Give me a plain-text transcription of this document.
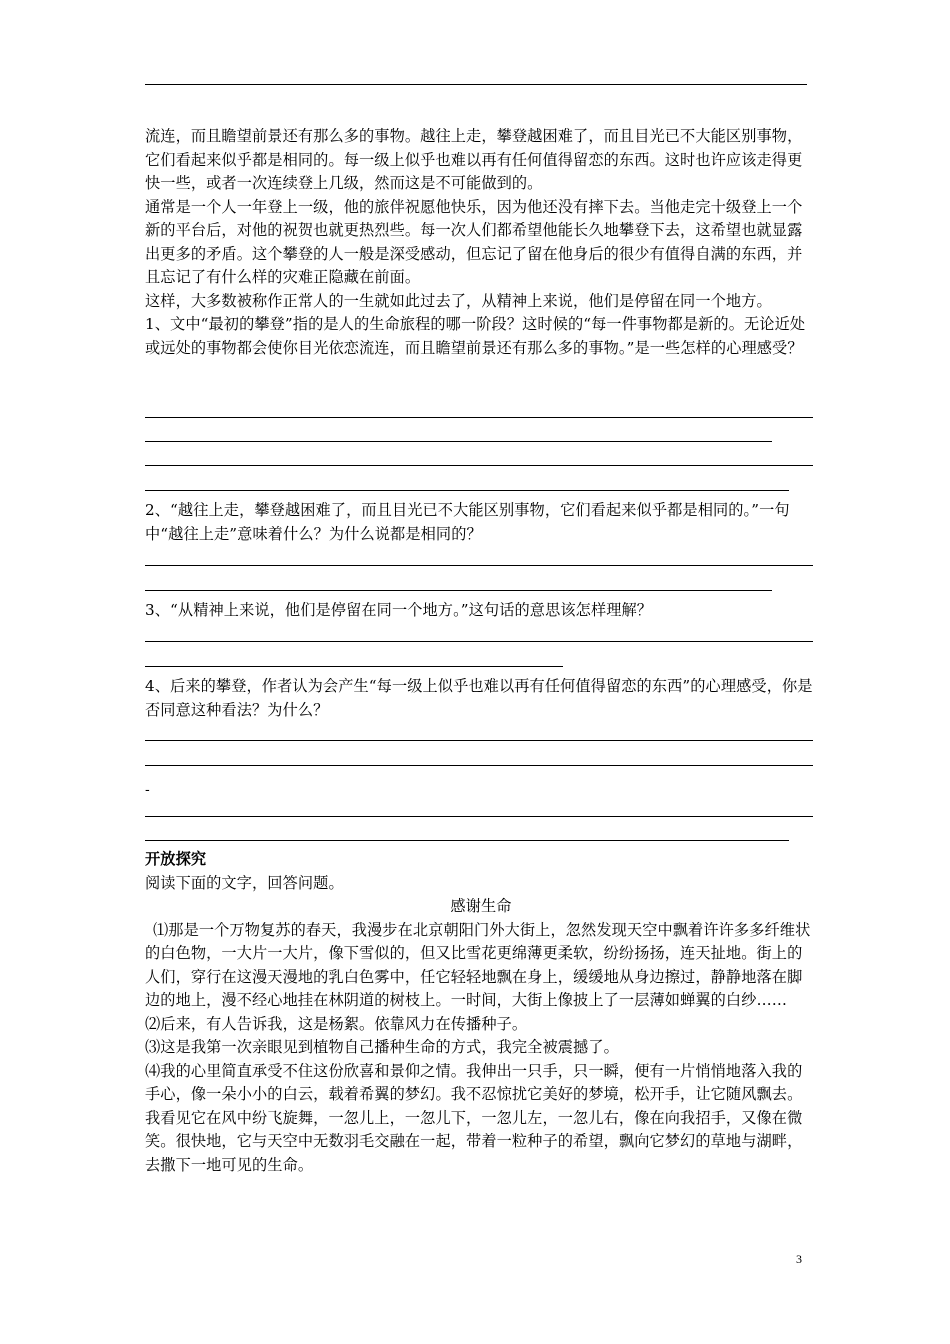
流连，而且瞻望前景还有那么多的事物。越往上走，攀登越困难了，而且目光已不大能区别事物，它们看起来似乎都是相同的。每一级上似乎也难以再有任何值得留恋的东西。这时也许应该走得更快一些，或者一次连续登上几级，然而这是不可能做到的。

通常是一个人一年登上一级，他的旅伴祝愿他快乐，因为他还没有摔下去。当他走完十级登上一个新的平台后，对他的祝贺也就更热烈些。每一次人们都希望他能长久地攀登下去，这希望也就显露出更多的矛盾。这个攀登的人一般是深受感动，但忘记了留在他身后的很少有值得自满的东西，并且忘记了有什么样的灾难正隐藏在前面。

这样，大多数被称作正常人的一生就如此过去了，从精神上来说，他们是停留在同一个地方。

1、文中“最初的攀登”指的是人的生命旅程的哪一阶段？这时候的“每一件事物都是新的。无论近处或远处的事物都会使你目光依恋流连，而且瞻望前景还有那么多的事物。”是一些怎样的心理感受？

2、“越往上走，攀登越困难了，而且目光已不大能区别事物，它们看起来似乎都是相同的。”一句中“越往上走”意味着什么？为什么说都是相同的？

3、“从精神上来说，他们是停留在同一个地方。”这句话的意思该怎样理解？

4、后来的攀登，作者认为会产生“每一级上似乎也难以再有任何值得留恋的东西”的心理感受，你是否同意这种看法？为什么？

-

开放探究

阅读下面的文字，回答问题。

感谢生命

⑴那是一个万物复苏的春天，我漫步在北京朝阳门外大街上，忽然发现天空中飘着许许多多纤维状的白色物，一大片一大片，像下雪似的，但又比雪花更绵薄更柔软，纷纷扬扬，连天扯地。街上的人们，穿行在这漫天漫地的乳白色雾中，任它轻轻地飘在身上，缓缓地从身边擦过，静静地落在脚边的地上，漫不经心地挂在林阴道的树枝上。一时间，大街上像披上了一层薄如蝉翼的白纱……

⑵后来，有人告诉我，这是杨絮。依靠风力在传播种子。

⑶这是我第一次亲眼见到植物自己播种生命的方式，我完全被震撼了。

⑷我的心里简直承受不住这份欣喜和景仰之情。我伸出一只手，只一瞬，便有一片悄悄地落入我的手心，像一朵小小的白云，载着希翼的梦幻。我不忍惊扰它美好的梦境，松开手，让它随风飘去。我看见它在风中纷飞旋舞，一忽儿上，一忽儿下，一忽儿左，一忽儿右，像在向我招手，又像在微笑。很快地，它与天空中无数羽毛交融在一起，带着一粒种子的希望，飘向它梦幻的草地与湖畔，去撒下一地可见的生命。

3
